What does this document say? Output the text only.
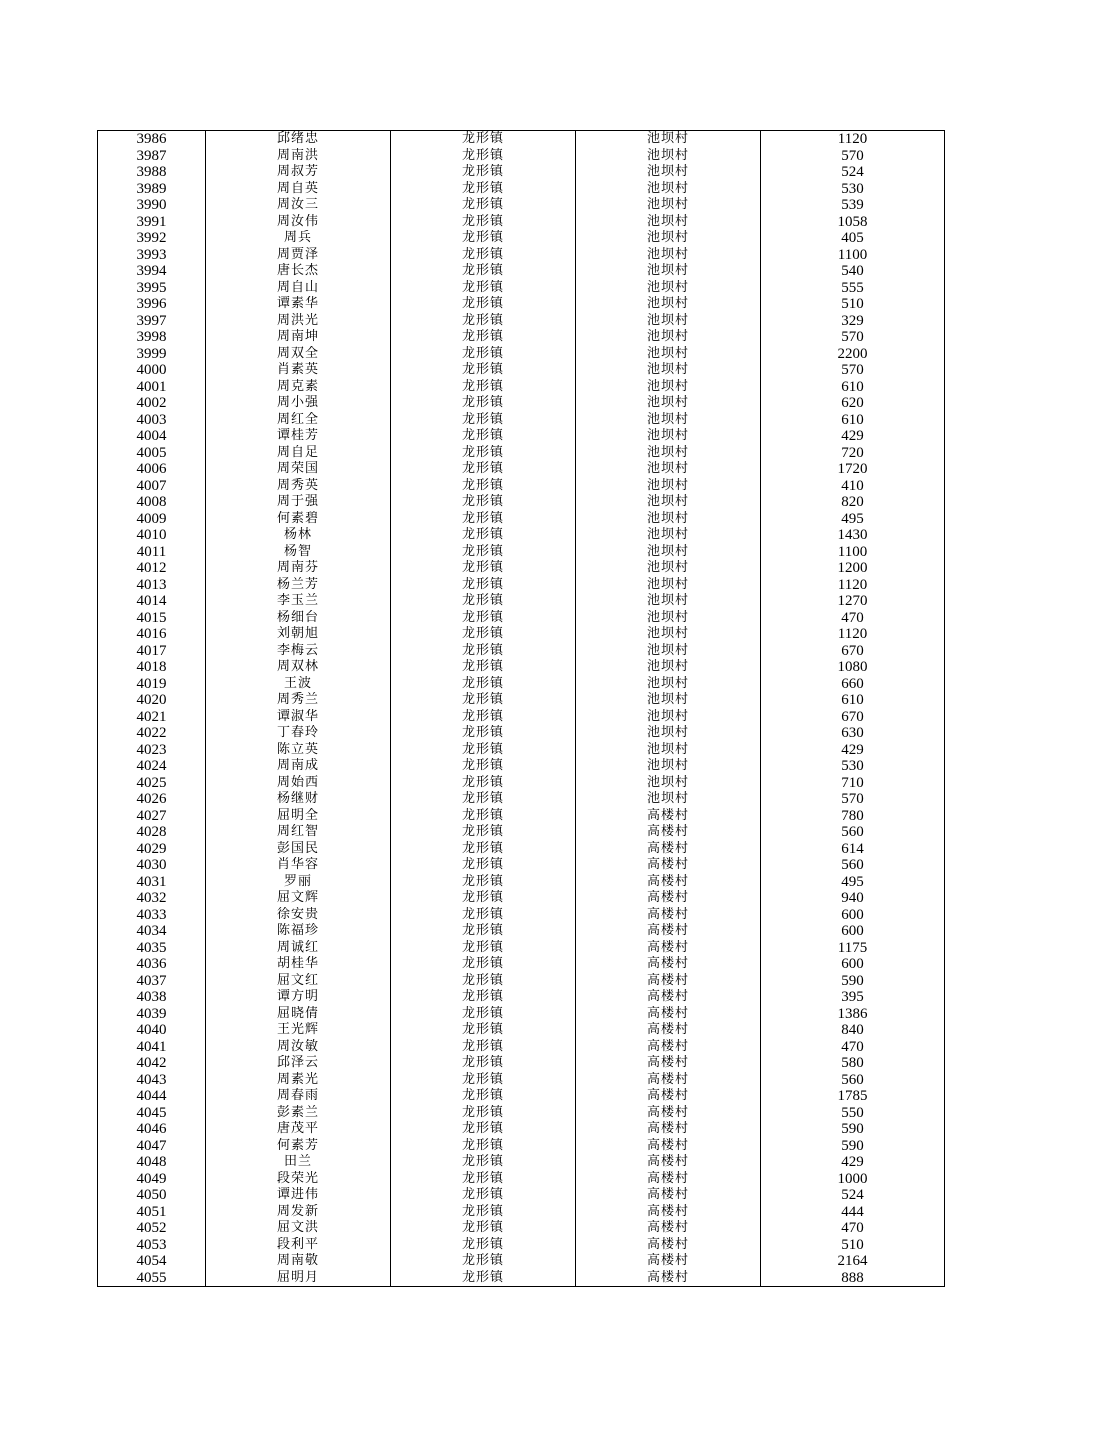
3986	邱绪忠	龙形镇	池坝村	1120
3987	周南洪	龙形镇	池坝村	570
3988	周叔芳	龙形镇	池坝村	524
3989	周自英	龙形镇	池坝村	530
3990	周汝三	龙形镇	池坝村	539
3991	周汝伟	龙形镇	池坝村	1058
3992	周兵	龙形镇	池坝村	405
3993	周贾泽	龙形镇	池坝村	1100
3994	唐长杰	龙形镇	池坝村	540
3995	周自山	龙形镇	池坝村	555
3996	谭素华	龙形镇	池坝村	510
3997	周洪光	龙形镇	池坝村	329
3998	周南坤	龙形镇	池坝村	570
3999	周双全	龙形镇	池坝村	2200
4000	肖素英	龙形镇	池坝村	570
4001	周克素	龙形镇	池坝村	610
4002	周小强	龙形镇	池坝村	620
4003	周红全	龙形镇	池坝村	610
4004	谭桂芳	龙形镇	池坝村	429
4005	周自足	龙形镇	池坝村	720
4006	周荣国	龙形镇	池坝村	1720
4007	周秀英	龙形镇	池坝村	410
4008	周于强	龙形镇	池坝村	820
4009	何素碧	龙形镇	池坝村	495
4010	杨林	龙形镇	池坝村	1430
4011	杨智	龙形镇	池坝村	1100
4012	周南芬	龙形镇	池坝村	1200
4013	杨兰芳	龙形镇	池坝村	1120
4014	李玉兰	龙形镇	池坝村	1270
4015	杨细台	龙形镇	池坝村	470
4016	刘朝旭	龙形镇	池坝村	1120
4017	李梅云	龙形镇	池坝村	670
4018	周双林	龙形镇	池坝村	1080
4019	王波	龙形镇	池坝村	660
4020	周秀兰	龙形镇	池坝村	610
4021	谭淑华	龙形镇	池坝村	670
4022	丁春玲	龙形镇	池坝村	630
4023	陈立英	龙形镇	池坝村	429
4024	周南成	龙形镇	池坝村	530
4025	周始西	龙形镇	池坝村	710
4026	杨继财	龙形镇	池坝村	570
4027	屈明全	龙形镇	高楼村	780
4028	周红智	龙形镇	高楼村	560
4029	彭国民	龙形镇	高楼村	614
4030	肖华容	龙形镇	高楼村	560
4031	罗丽	龙形镇	高楼村	495
4032	屈文辉	龙形镇	高楼村	940
4033	徐安贵	龙形镇	高楼村	600
4034	陈福珍	龙形镇	高楼村	600
4035	周诚红	龙形镇	高楼村	1175
4036	胡桂华	龙形镇	高楼村	600
4037	屈文红	龙形镇	高楼村	590
4038	谭方明	龙形镇	高楼村	395
4039	屈晓倩	龙形镇	高楼村	1386
4040	王光辉	龙形镇	高楼村	840
4041	周汝敏	龙形镇	高楼村	470
4042	邱泽云	龙形镇	高楼村	580
4043	周素光	龙形镇	高楼村	560
4044	周春雨	龙形镇	高楼村	1785
4045	彭素兰	龙形镇	高楼村	550
4046	唐茂平	龙形镇	高楼村	590
4047	何素芳	龙形镇	高楼村	590
4048	田兰	龙形镇	高楼村	429
4049	段荣光	龙形镇	高楼村	1000
4050	谭进伟	龙形镇	高楼村	524
4051	周发新	龙形镇	高楼村	444
4052	屈文洪	龙形镇	高楼村	470
4053	段利平	龙形镇	高楼村	510
4054	周南敬	龙形镇	高楼村	2164
4055	屈明月	龙形镇	高楼村	888
